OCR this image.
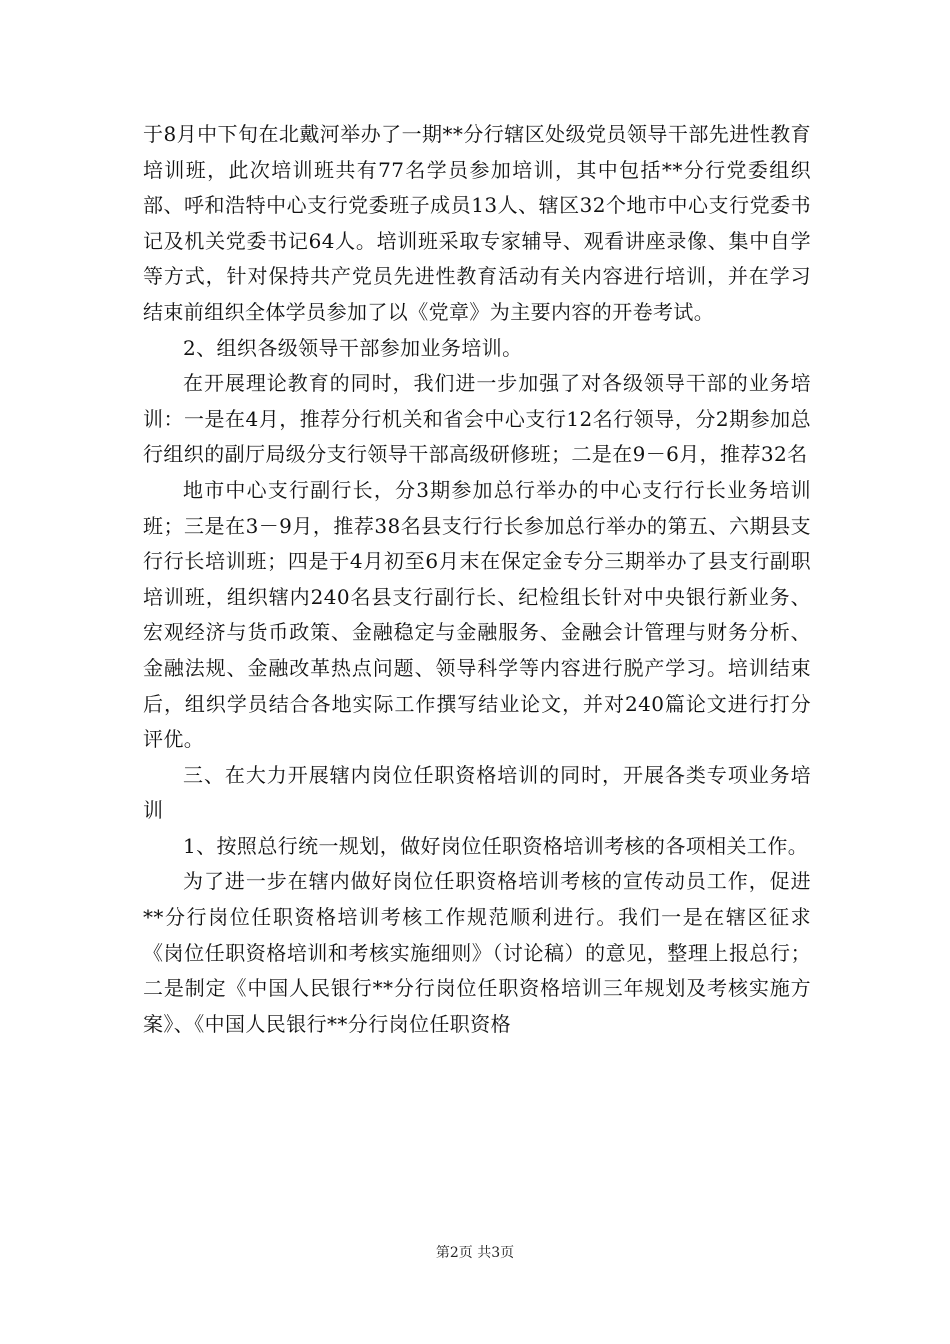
于8月中下旬在北戴河举办了一期**分行辖区处级党员领导干部先进性教育培训班，此次培训班共有77名学员参加培训，其中包括**分行党委组织部、呼和浩特中心支行党委班子成员13人、辖区32个地市中心支行党委书记及机关党委书记64人。培训班采取专家辅导、观看讲座录像、集中自学等方式，针对保持共产党员先进性教育活动有关内容进行培训，并在学习结束前组织全体学员参加了以《党章》为主要内容的开卷考试。

2、组织各级领导干部参加业务培训。

在开展理论教育的同时，我们进一步加强了对各级领导干部的业务培训：一是在4月，推荐分行机关和省会中心支行12名行领导，分2期参加总行组织的副厅局级分支行领导干部高级研修班；二是在9－6月，推荐32名

地市中心支行副行长，分3期参加总行举办的中心支行行长业务培训班；三是在3－9月，推荐38名县支行行长参加总行举办的第五、六期县支行行长培训班；四是于4月初至6月末在保定金专分三期举办了县支行副职培训班，组织辖内240名县支行副行长、纪检组长针对中央银行新业务、宏观经济与货币政策、金融稳定与金融服务、金融会计管理与财务分析、金融法规、金融改革热点问题、领导科学等内容进行脱产学习。培训结束后，组织学员结合各地实际工作撰写结业论文，并对240篇论文进行打分评优。

三、在大力开展辖内岗位任职资格培训的同时，开展各类专项业务培训

1、按照总行统一规划，做好岗位任职资格培训考核的各项相关工作。

为了进一步在辖内做好岗位任职资格培训考核的宣传动员工作，促进**分行岗位任职资格培训考核工作规范顺利进行。我们一是在辖区征求《岗位任职资格培训和考核实施细则》（讨论稿）的意见，整理上报总行；二是制定《中国人民银行**分行岗位任职资格培训三年规划及考核实施方案》、《中国人民银行**分行岗位任职资格

第2页 共3页
